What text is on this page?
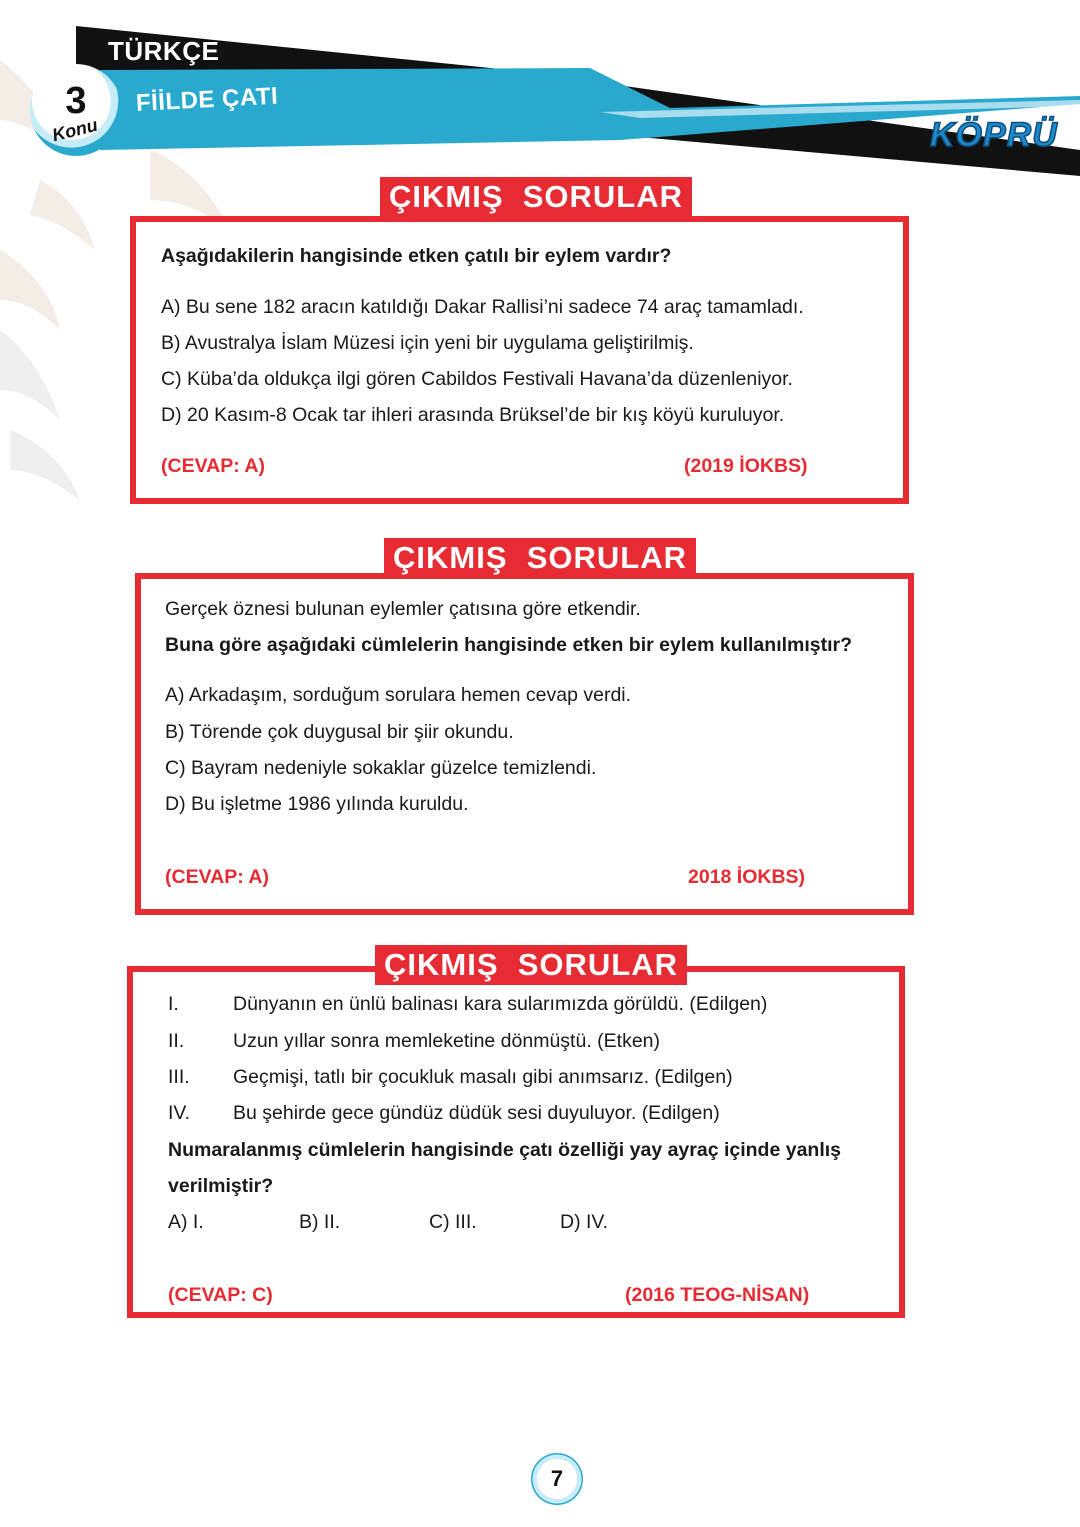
TÜRKÇE
FİİLDE ÇATI
3
Konu	KÖPRÜ
ÇIKMIŞ  SORULAR
Aşağıdakilerin hangisinde etken çatılı bir eylem vardır?
A) Bu sene 182 aracın katıldığı Dakar Rallisi’ni sadece 74 araç tamamladı.
B) Avustralya İslam Müzesi için yeni bir uygulama geliştirilmiş.
C) Küba’da oldukça ilgi gören Cabildos Festivali Havana’da düzenleniyor.
D) 20 Kasım-8 Ocak tar ihleri arasında Brüksel’de bir kış köyü kuruluyor.
(CEVAP: A)	(2019 İOKBS)
ÇIKMIŞ  SORULAR
Gerçek öznesi bulunan eylemler çatısına göre etkendir.
Buna göre aşağıdaki cümlelerin hangisinde etken bir eylem kullanılmıştır?
A) Arkadaşım, sorduğum sorulara hemen cevap verdi.
B) Törende çok duygusal bir şiir okundu.
C) Bayram nedeniyle sokaklar güzelce temizlendi.
D) Bu işletme 1986 yılında kuruldu.
(CEVAP: A)	2018 İOKBS)
ÇIKMIŞ  SORULAR
I.	Dünyanın en ünlü balinası kara sularımızda görüldü. (Edilgen)
II. Uzun yıllar sonra memleketine dönmüştü. (Etken)
III. Geçmişi, tatlı bir çocukluk masalı gibi anımsarız. (Edilgen)
IV. Bu şehirde gece gündüz düdük sesi duyuluyor. (Edilgen)
Numaralanmış cümlelerin hangisinde çatı özelliği yay ayraç içinde yanlış
verilmiştir?
A) I.	B) II.	C) III.	D) IV.
(CEVAP: C)	(2016 TEOG-NİSAN)
7
